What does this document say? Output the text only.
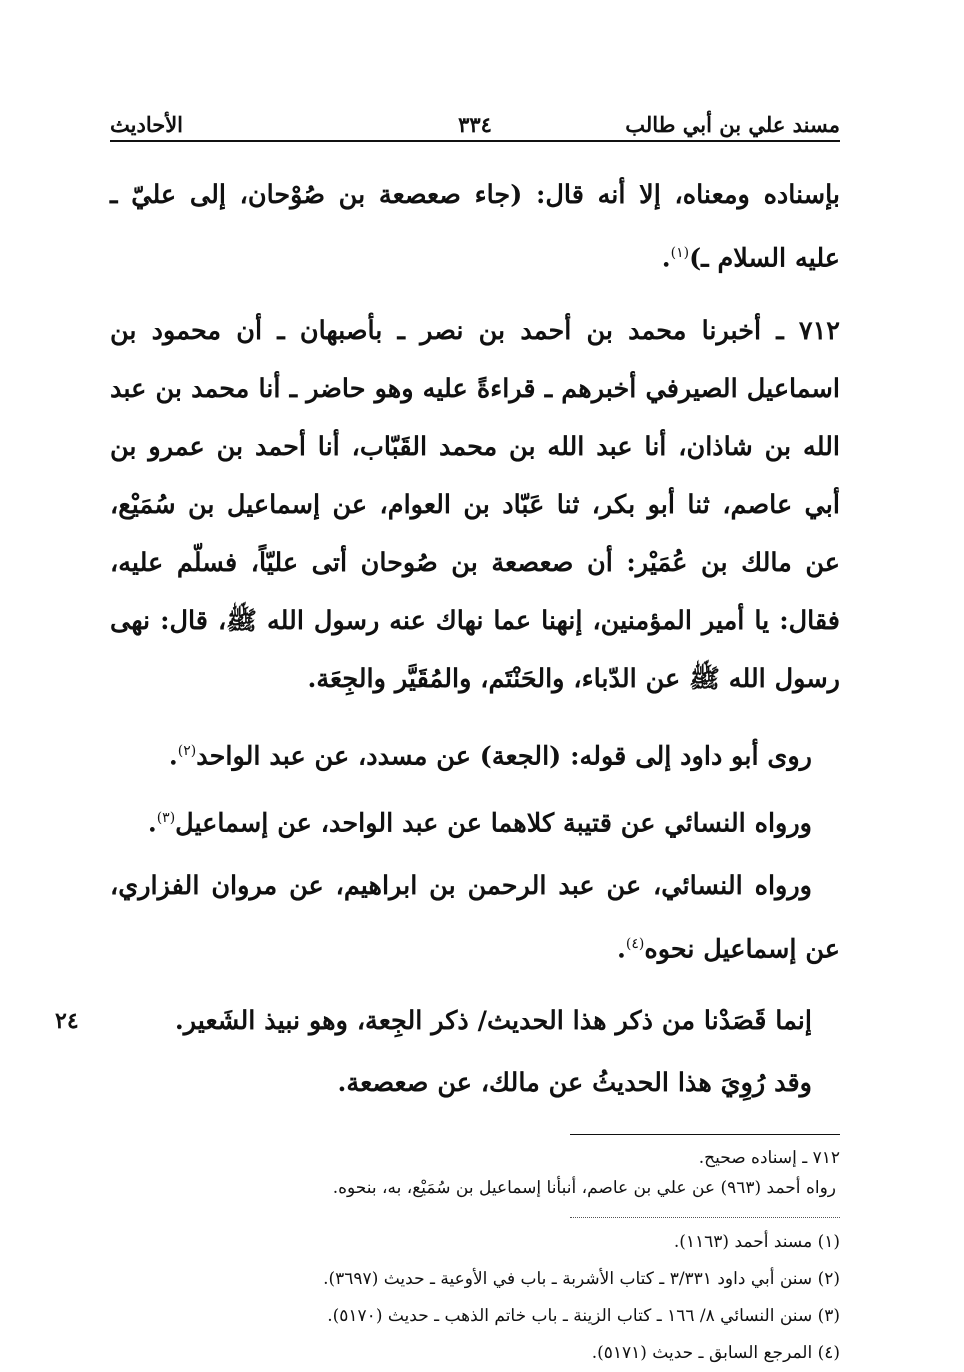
مسند علي بن أبي طالب
٣٣٤
الأحاديث

بإسناده ومعناه، إلا أنه قال: (جاء صعصعة بن صُوْحان، إلى عليّ ـ عليه السلام ـ)$^{(١)}$.

٧١٢ ـ أخبرنا محمد بن أحمد بن نصر ـ بأصبهان ـ أن محمود بن اسماعيل الصيرفي أخبرهم ـ قراءةً عليه وهو حاضر ـ أنا محمد بن عبد الله بن شاذان، أنا عبد الله بن محمد القَبّاب، أنا أحمد بن عمرو بن أبي عاصم، ثنا أبو بكر، ثنا عَبّاد بن العوام، عن إسماعيل بن سُمَيْع، عن مالك بن عُمَيْر: أن صعصعة بن صُوحان أتى عليّاً، فسلّم عليه، فقال: يا أمير المؤمنين، إنهنا عما نهاك عنه رسول الله ﷺ، قال: نهى رسول الله ﷺ عن الدّباء، والحَنْتَم، والمُقَيَّر والجِعَة.

روى أبو داود إلى قوله: (الجعة) عن مسدد، عن عبد الواحد$^{(٢)}$.

ورواه النسائي عن قتيبة كلاهما عن عبد الواحد، عن إسماعيل$^{(٣)}$.

ورواه النسائي، عن عبد الرحمن بن ابراهيم، عن مروان الفزاري، عن إسماعيل نحوه$^{(٤)}$.

٢٤	إنما قَصَدْنا من ذكر هذا الحديث/ ذكر الجِعة، وهو نبيذ الشَعير.

وقد رُوِيَ هذا الحديثُ عن مالك، عن صعصعة.

٧١٢ ـ إسناده صحيح.

رواه أحمد (٩٦٣) عن علي بن عاصم، أنبأنا إسماعيل بن سُمَيْع، به، بنحوه.

(١) مسند أحمد (١١٦٣).

(٢) سنن أبي داود ٣/٣٣١ ـ كتاب الأشربة ـ باب في الأوعية ـ حديث (٣٦٩٧).

(٣) سنن النسائي ٨/ ١٦٦ ـ كتاب الزينة ـ باب خاتم الذهب ـ حديث (٥١٧٠).

(٤) المرجع السابق ـ حديث (٥١٧١).
